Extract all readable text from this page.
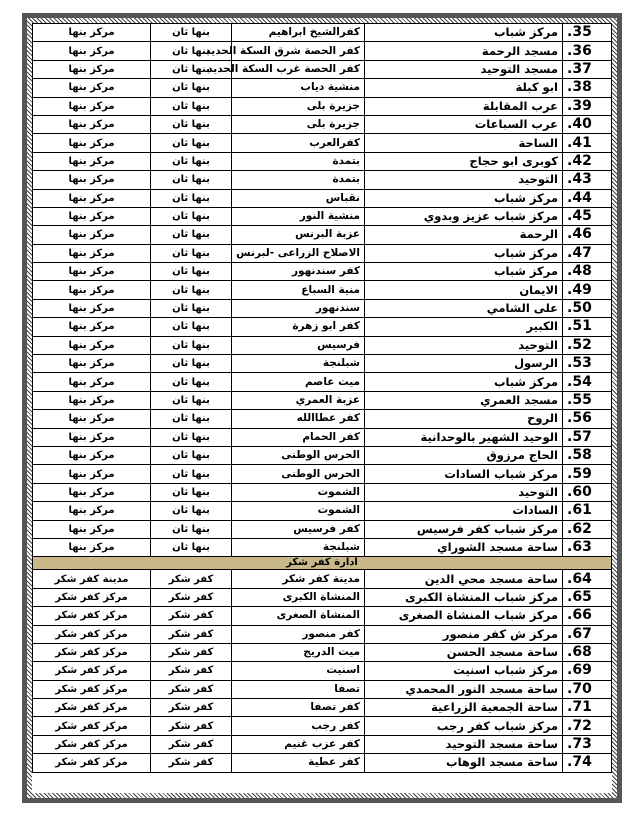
35.	مركز شباب	كفرالشيخ ابراهيم	بنها ثان	مركز بنها
36.	مسجد الرحمة	كفر الحصة شرق السكة الحديد	بنها ثان	مركز بنها
37.	مسجد التوحيد	كفر الحصة غرب السكة الحديد	بنها ثان	مركز بنها
38.	ابو كبلة	منشية دياب	بنها ثان	مركز بنها
39.	عرب المقابلة	جزيرة بلى	بنها ثان	مركز بنها
40.	عرب السباعات	جزيرة بلى	بنها ثان	مركز بنها
41.	الساحة	كفرالعرب	بنها ثان	مركز بنها
42.	كوبرى ابو حجاج	بتمدة	بنها ثان	مركز بنها
43.	التوحيد	بتمدة	بنها ثان	مركز بنها
44.	مركز شباب	نقباس	بنها ثان	مركز بنها
45.	مركز شباب عزيز وبدوي	منشية النور	بنها ثان	مركز بنها
46.	الرحمة	عزبة البرنس	بنها ثان	مركز بنها
47.	مركز شباب	الاصلاح الزراعى -لبرنس	بنها ثان	مركز بنها
48.	مركز شباب	كفر سندنهور	بنها ثان	مركز بنها
49.	الايمان	منية السباع	بنها ثان	مركز بنها
50.	على الشامي	سندنهور	بنها ثان	مركز بنها
51.	الكبير	كفر ابو زهرة	بنها ثان	مركز بنها
52.	التوحيد	فرسيس	بنها ثان	مركز بنها
53.	الرسول	شبلنجة	بنها ثان	مركز بنها
54.	مركز شباب	ميت عاصم	بنها ثان	مركز بنها
55.	مسجد العمري	عزبة العمري	بنها ثان	مركز بنها
56.	الروح	كفر عطاالله	بنها ثان	مركز بنها
57.	الوحيد الشهير بالوحدانية	كفر الحمام	بنها ثان	مركز بنها
58.	الحاج مرزوق	الحرس الوطنى	بنها ثان	مركز بنها
59.	مركز شباب السادات	الحرس الوطنى	بنها ثان	مركز بنها
60.	التوحيد	الشموت	بنها ثان	مركز بنها
61.	السادات	الشموت	بنها ثان	مركز بنها
62.	مركز شباب كفر فرسيس	كفر فرسيس	بنها ثان	مركز بنها
63.	ساحة مسجد الشوراي	شبلنجة	بنها ثان	مركز بنها
ادارة كفر شكر				
64.	ساحة مسجد محي الدين	مدينة كفر شكر	كفر شكر	مدينة كفر شكر
65.	مركز شباب المنشاة الكبرى	المنشاة الكبرى	كفر شكر	مركز كفر شكر
66.	مركز شباب المنشاة الصغرى	المنشاة الصغرى	كفر شكر	مركز كفر شكر
67.	مركز ش كفر منصور	كفر منصور	كفر شكر	مركز كفر شكر
68.	ساحة مسجد الحسن	ميت الدريج	كفر شكر	مركز كفر شكر
69.	مركز شباب اسنيت	اسنيت	كفر شكر	مركز كفر شكر
70.	ساحة مسجد النور المحمدي	تصفا	كفر شكر	مركز كفر شكر
71.	ساحة الجمعية الزراعية	كفر تصفا	كفر شكر	مركز كفر شكر
72.	مركز شباب كفر رجب	كفر رجب	كفر شكر	مركز كفر شكر
73.	ساحة مسجد التوحيد	كفر عزب غنيم	كفر شكر	مركز كفر شكر
74.	ساحة مسجد الوهاب	كفر عطية	كفر شكر	مركز كفر شكر
